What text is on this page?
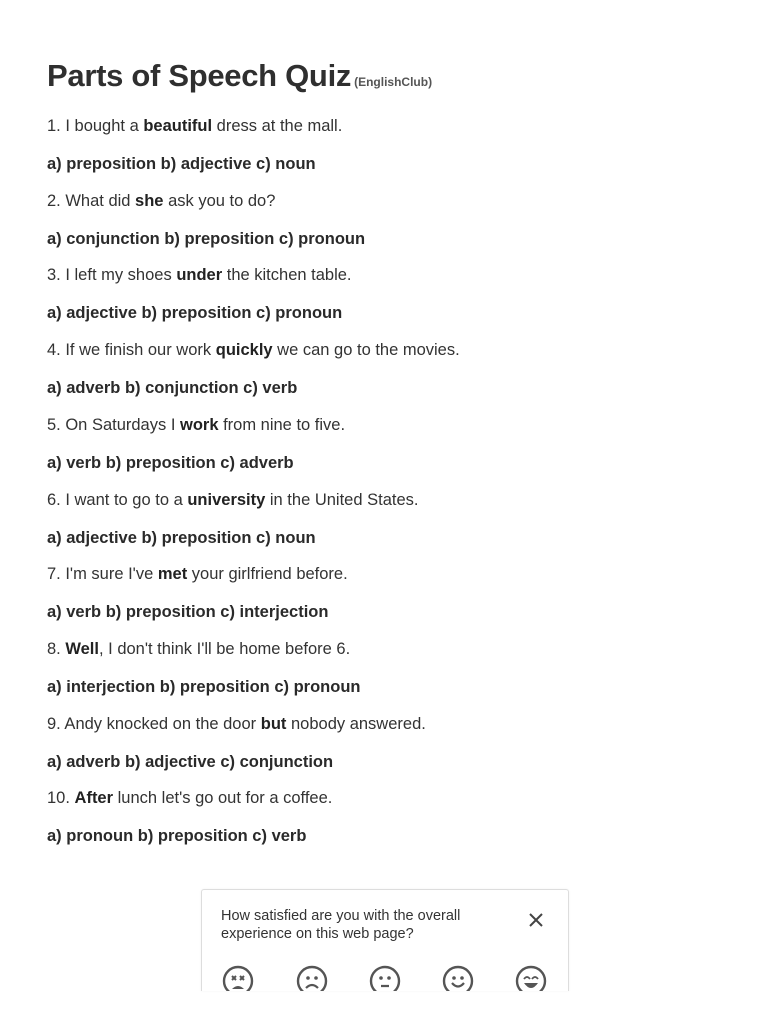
Parts of Speech Quiz (EnglishClub)
1. I bought a beautiful dress at the mall.
a) preposition b) adjective c) noun
2. What did she ask you to do?
a) conjunction b) preposition c) pronoun
3. I left my shoes under the kitchen table.
a) adjective b) preposition c) pronoun
4. If we finish our work quickly we can go to the movies.
a) adverb b) conjunction c) verb
5. On Saturdays I work from nine to five.
a) verb b) preposition c) adverb
6. I want to go to a university in the United States.
a) adjective b) preposition c) noun
7. I'm sure I've met your girlfriend before.
a) verb b) preposition c) interjection
8. Well, I don't think I'll be home before 6.
a) interjection b) preposition c) pronoun
9. Andy knocked on the door but nobody answered.
a) adverb b) adjective c) conjunction
10. After lunch let's go out for a coffee.
a) pronoun b) preposition c) verb

How satisfied are you with the overall experience on this web page?
